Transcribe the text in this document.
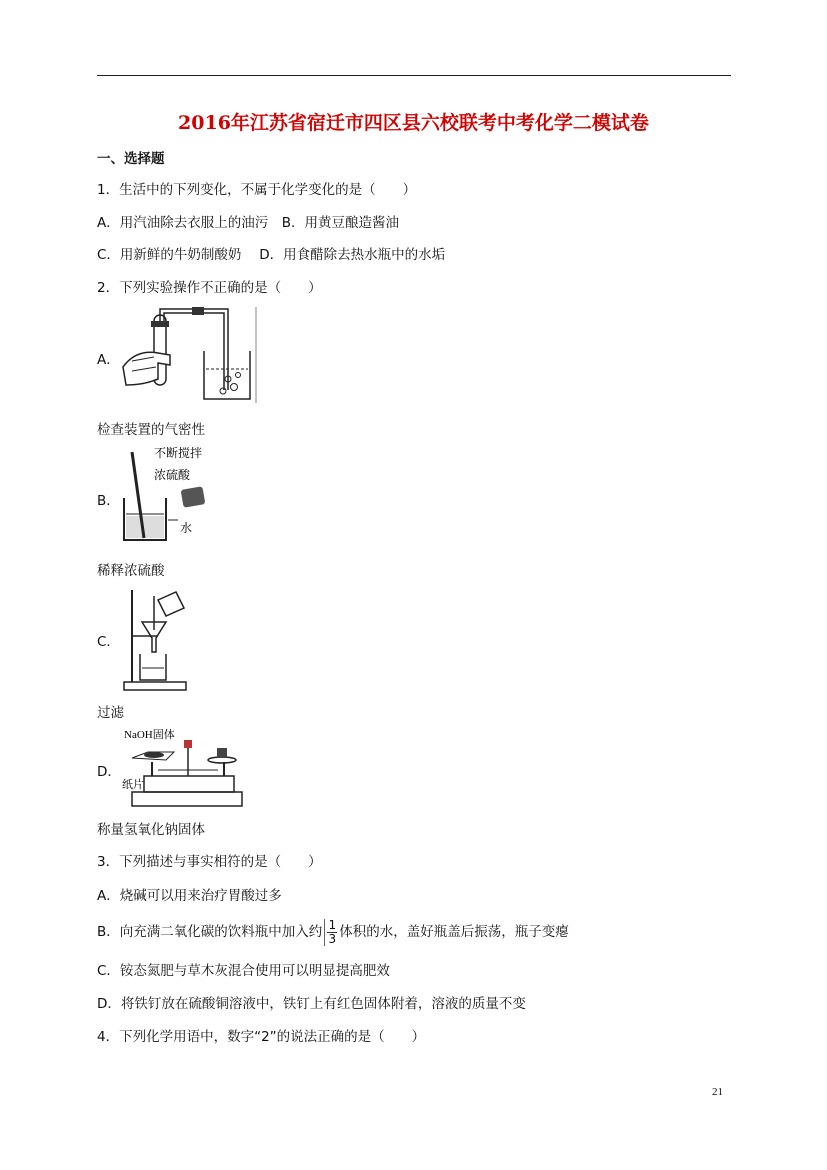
2016年江苏省宿迁市四区县六校联考中考化学二模试卷
一、选择题
1．生活中的下列变化，不属于化学变化的是（　　）
A．用汽油除去衣服上的油污　B．用黄豆酿造酱油
C．用新鲜的牛奶制酸奶　 D．用食醋除去热水瓶中的水垢
2．下列实验操作不正确的是（　　）
A．
检查装置的气密性
B．
不断搅拌
浓硫酸
水
稀释浓硫酸
C．
过滤
D．
NaOH固体
纸片
称量氢氧化钠固体
3．下列描述与事实相符的是（　　）
A．烧碱可以用来治疗胃酸过多
B．向充满二氧化碳的饮料瓶中加入约 $\frac{1}{3}$ 体积的水，盖好瓶盖后振荡，瓶子变瘪
C．铵态氮肥与草木灰混合使用可以明显提高肥效
D．将铁钉放在硫酸铜溶液中，铁钉上有红色固体附着，溶液的质量不变
4．下列化学用语中，数字“2”的说法正确的是（　　）
21
